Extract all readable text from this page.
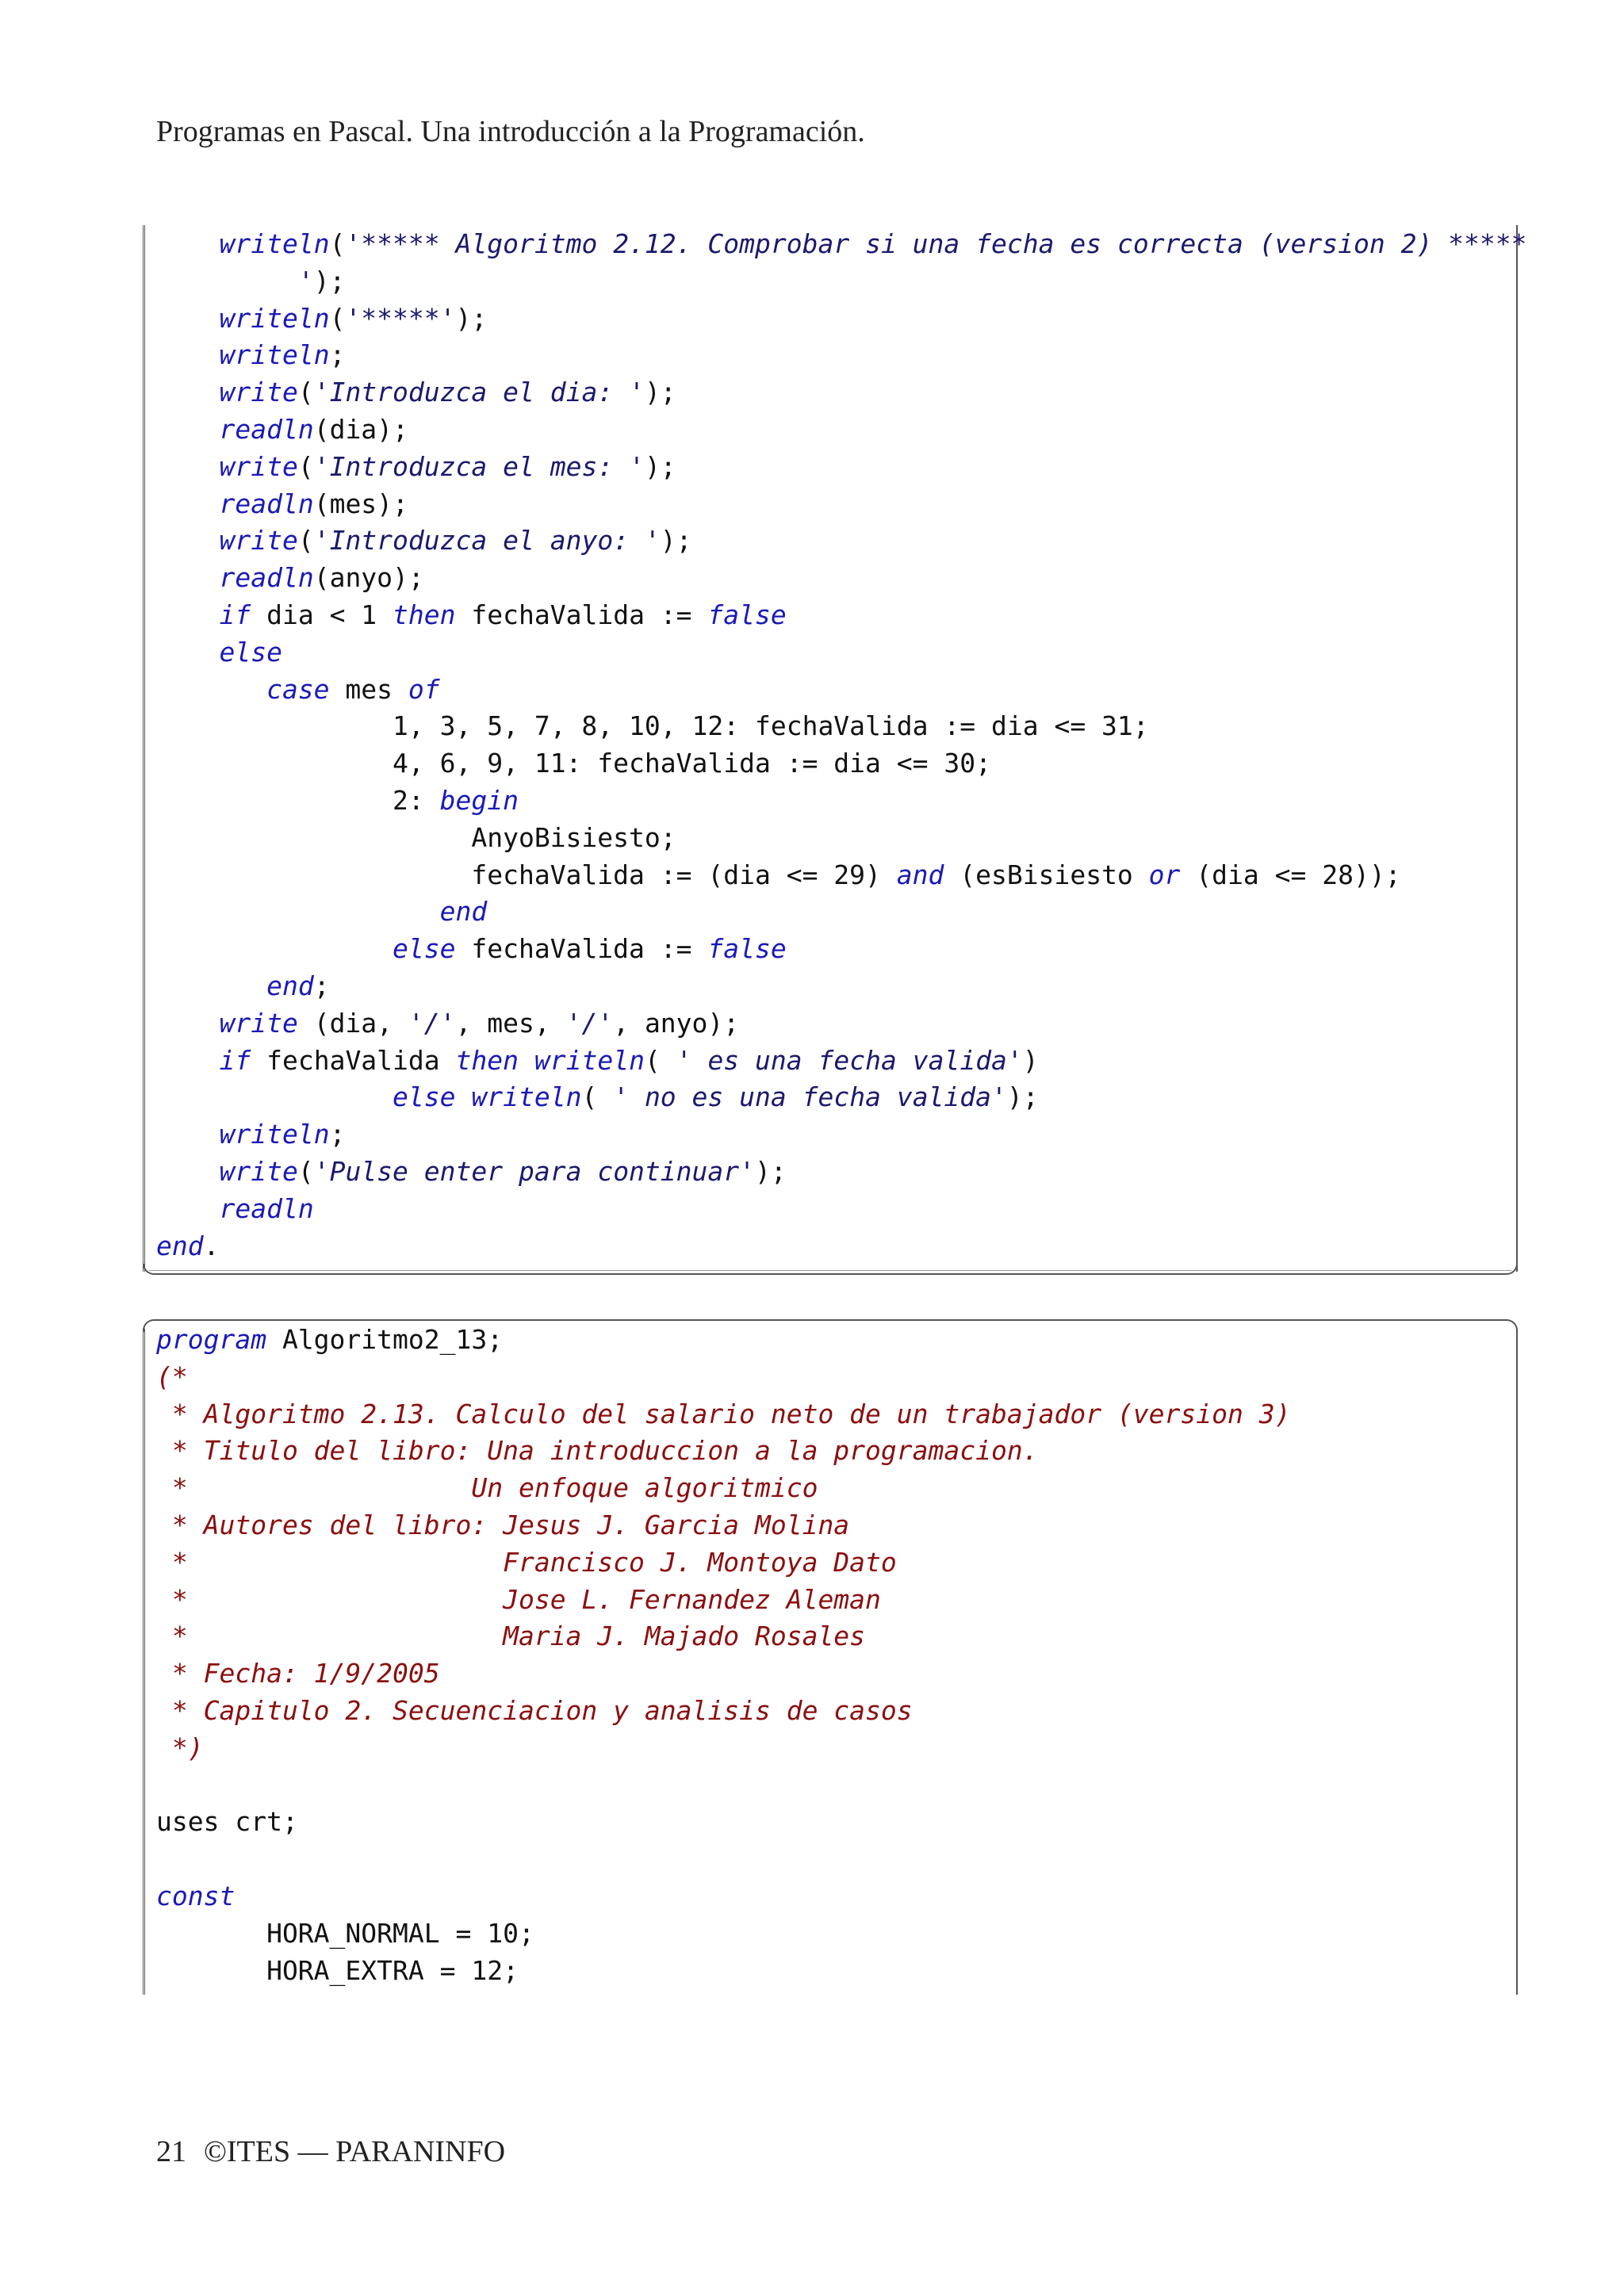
Programas en Pascal. Una introducción a la Programación.
writeln('***** Algoritmo 2.12. Comprobar si una fecha es correcta (version 2) *****
');
writeln('*****');
writeln;
write('Introduzca el dia: ');
readln(dia);
write('Introduzca el mes: ');
readln(mes);
write('Introduzca el anyo: ');
readln(anyo);
if dia < 1 then fechaValida := false
else
case mes of
1, 3, 5, 7, 8, 10, 12: fechaValida := dia <= 31;
4, 6, 9, 11: fechaValida := dia <= 30;
2: begin
AnyoBisiesto;
fechaValida := (dia <= 29) and (esBisiesto or (dia <= 28));
end
else fechaValida := false
end;
write (dia, '/', mes, '/', anyo);
if fechaValida then writeln( ' es una fecha valida')
else writeln( ' no es una fecha valida');
writeln;
write('Pulse enter para continuar');
readln
end.
program Algoritmo2_13;
(*
* Algoritmo 2.13. Calculo del salario neto de un trabajador (version 3)
* Titulo del libro: Una introduccion a la programacion.
*                  Un enfoque algoritmico
* Autores del libro: Jesus J. Garcia Molina
*                    Francisco J. Montoya Dato
*                    Jose L. Fernandez Aleman
*                    Maria J. Majado Rosales
* Fecha: 1/9/2005
* Capitulo 2. Secuenciacion y analisis de casos
*)
uses crt;
const
HORA_NORMAL = 10;
HORA_EXTRA = 12;
21 ©ITES — PARANINFO
